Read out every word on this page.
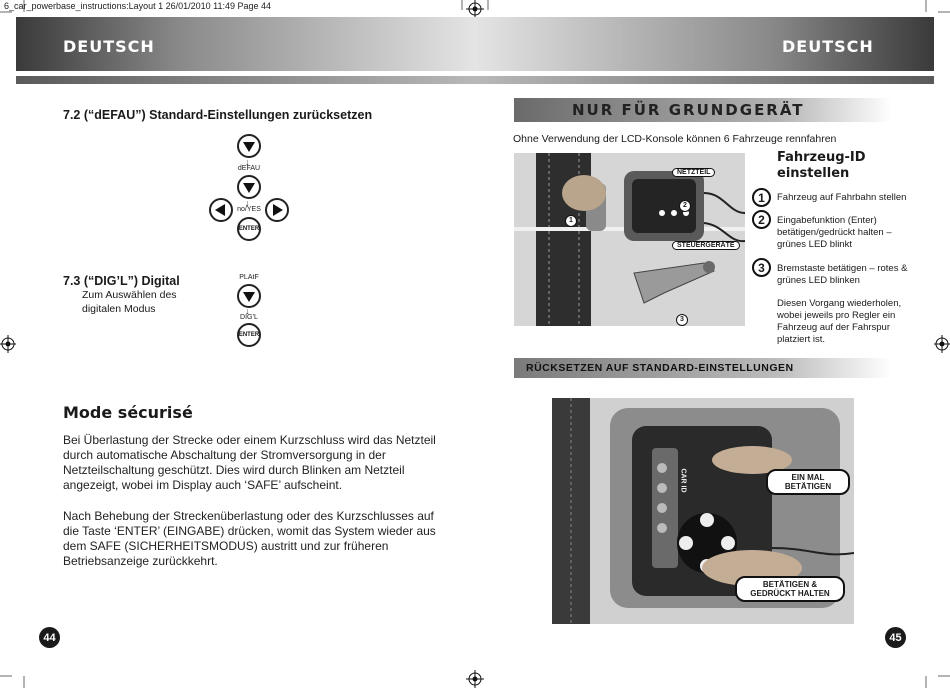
6_car_powerbase_instructions:Layout 1 26/01/2010 11:49 Page 44
DEUTSCH	DEUTSCH
7.2 (“dEFAU”) Standard-Einstellungen zurücksetzen
↓
dEFAU
↓
no/YES
ENTER
7.3 (“DIG’L”) Digital
Zum Auswählen des digitalen Modus
PLAtF
↓
DIG’L
ENTER
Mode sécurisé
Bei Überlastung der Strecke oder einem Kurzschluss wird das Netzteil durch automatische Abschaltung der Stromversorgung in der Netzteilschaltung geschützt. Dies wird durch Blinken am Netzteil angezeigt, wobei im Display auch ‘SAFE’ aufscheint.
Nach Behebung der Streckenüberlastung oder des Kurzschlusses auf die Taste ‘ENTER’ (EINGABE) drücken, womit das System wieder aus dem SAFE (SICHERHEITSMODUS) austritt und zur früheren Betriebsanzeige zurückkehrt.
44
NUR FÜR GRUNDGERÄT
Ohne Verwendung der LCD-Konsole können 6 Fahrzeuge rennfahren
NETZTEIL
STEUERGERÄTE
1
2
3
Fahrzeug-ID
einstellen
1	Fahrzeug auf Fahrbahn stellen
2	Eingabefunktion (Enter) betätigen/gedrückt halten – grünes LED blinkt
3	Bremstaste betätigen – rotes & grünes LED blinken
Diesen Vorgang wiederholen, wobei jeweils pro Regler ein Fahrzeug auf der Fahrspur platziert ist.
RÜCKSETZEN AUF STANDARD-EINSTELLUNGEN
CAR ID	EIN MAL BETÄTIGEN
BETÄTIGEN & GEDRÜCKT HALTEN
45
